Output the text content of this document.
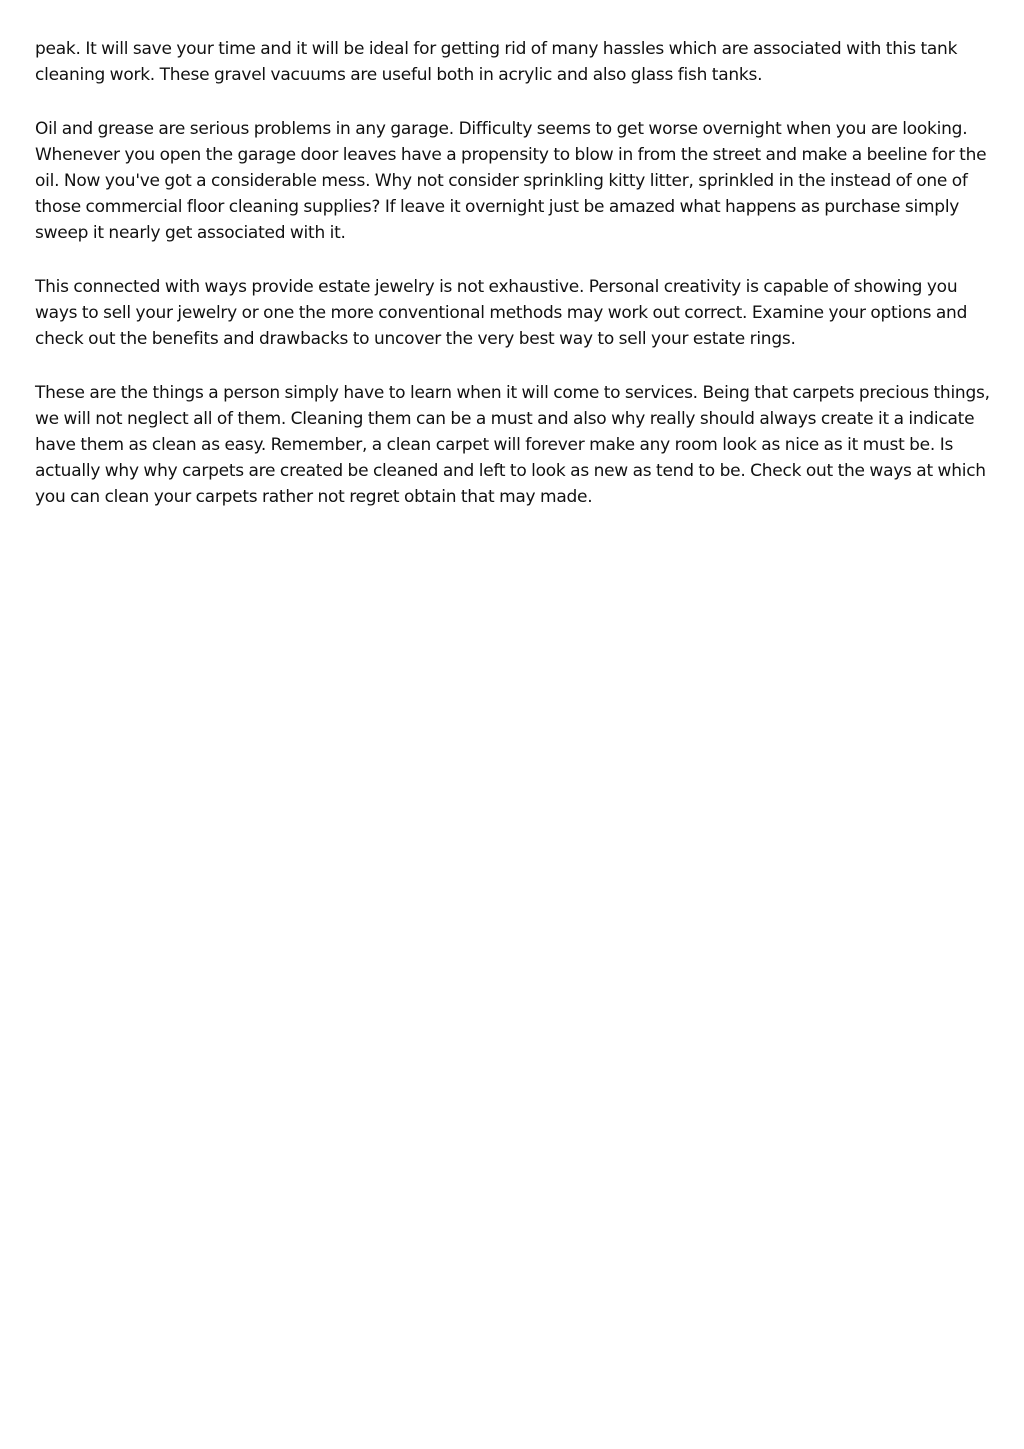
peak. It will save your time and it will be ideal for getting rid of many hassles which are associated with this tank cleaning work. These gravel vacuums are useful both in acrylic and also glass fish tanks.

Oil and grease are serious problems in any garage. Difficulty seems to get worse overnight when you are looking. Whenever you open the garage door leaves have a propensity to blow in from the street and make a beeline for the oil. Now you've got a considerable mess. Why not consider sprinkling kitty litter, sprinkled in the instead of one of those commercial floor cleaning supplies? If leave it overnight just be amazed what happens as purchase simply sweep it nearly get associated with it.

This connected with ways provide estate jewelry is not exhaustive. Personal creativity is capable of showing you ways to sell your jewelry or one the more conventional methods may work out correct. Examine your options and check out the benefits and drawbacks to uncover the very best way to sell your estate rings.

These are the things a person simply have to learn when it will come to services. Being that carpets precious things, we will not neglect all of them. Cleaning them can be a must and also why really should always create it a indicate have them as clean as easy. Remember, a clean carpet will forever make any room look as nice as it must be. Is actually why why carpets are created be cleaned and left to look as new as tend to be. Check out the ways at which you can clean your carpets rather not regret obtain that may made.
